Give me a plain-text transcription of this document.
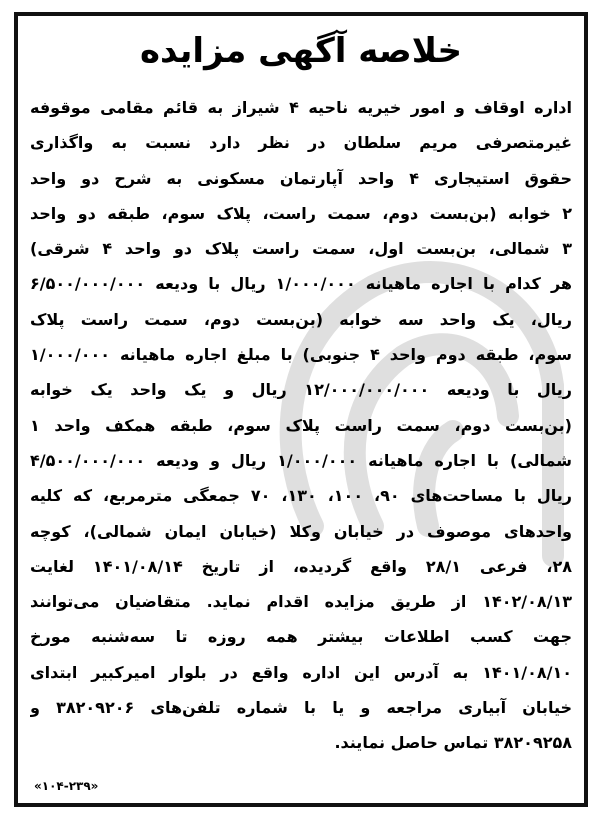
خلاصه آگهی مزایده
اداره اوقاف و امور خیریه ناحیه ۴ شیراز به قائم مقامی موقوفه
غیرمتصرفی مریم سلطان در نظر دارد نسبت به واگذاری
حقوق استیجاری ۴ واحد آپارتمان مسکونی به شرح دو واحد
۲ خوابه (بن‌بست دوم، سمت راست، پلاک سوم، طبقه دو واحد
۳ شمالی، بن‌بست اول، سمت راست پلاک دو واحد ۴ شرقی)
هر کدام با اجاره ماهیانه ۱/۰۰۰/۰۰۰ ریال با ودیعه ۶/۵۰۰/۰۰۰/۰۰۰
ریال، یک واحد سه خوابه (بن‌بست دوم، سمت راست پلاک
سوم، طبقه دوم واحد ۴ جنوبی) با مبلغ اجاره ماهیانه ۱/۰۰۰/۰۰۰
ریال با ودیعه ۱۲/۰۰۰/۰۰۰/۰۰۰ ریال و یک واحد یک خوابه
(بن‌بست دوم، سمت راست پلاک سوم، طبقه همکف واحد ۱
شمالی) با اجاره ماهیانه ۱/۰۰۰/۰۰۰ ریال و ودیعه ۴/۵۰۰/۰۰۰/۰۰۰
ریال با مساحت‌های ۹۰، ۱۰۰، ۱۳۰، ۷۰ جمعگی مترمربع، که کلیه
واحدهای موصوف در خیابان وکلا (خیابان ایمان شمالی)، کوچه
۲۸، فرعی ۲۸/۱ واقع گردیده، از تاریخ ۱۴۰۱/۰۸/۱۴ لغایت
۱۴۰۲/۰۸/۱۳ از طریق مزایده اقدام نماید. متقاضیان می‌توانند
جهت کسب اطلاعات بیشتر همه روزه تا سه‌شنبه مورخ
۱۴۰۱/۰۸/۱۰ به آدرس این اداره واقع در بلوار امیرکبیر ابتدای
خیابان آبیاری مراجعه و یا با شماره تلفن‌های ۳۸۲۰۹۲۰۶ و
۳۸۲۰۹۲۵۸ تماس حاصل نمایند.
«۱۰۴-۲۳۹»
